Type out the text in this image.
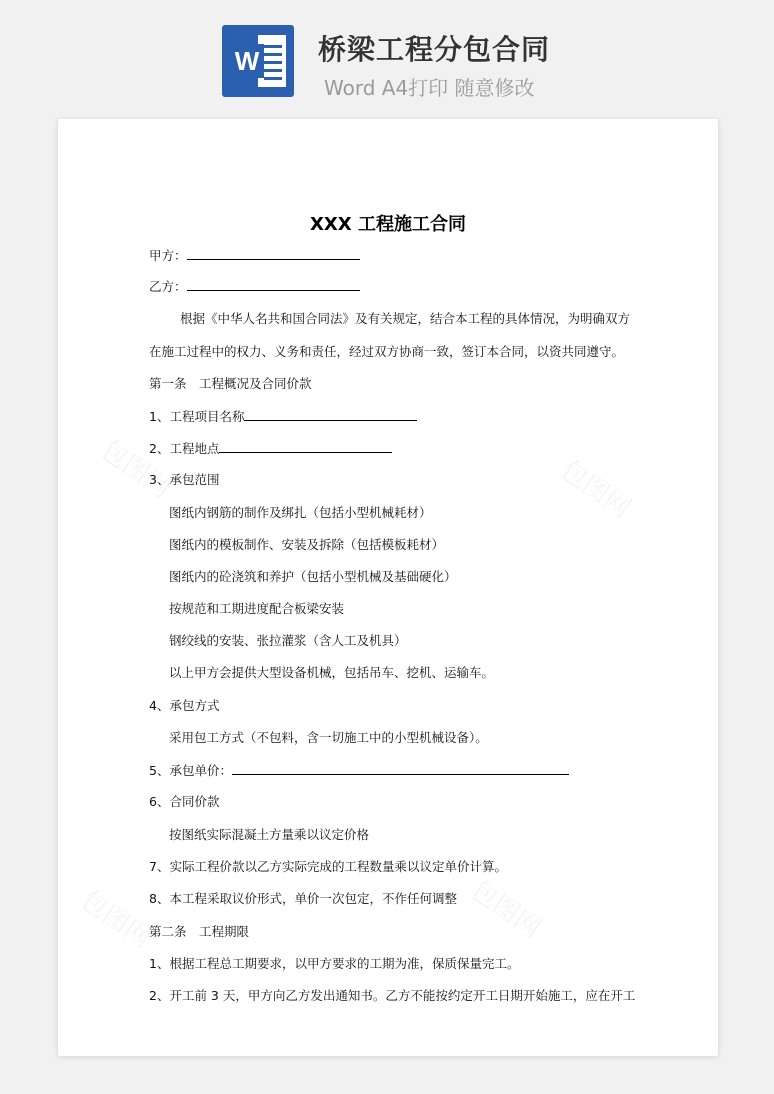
W 桥梁工程分包合同
Word A4打印 随意修改
XXX 工程施工合同
甲方：
乙方：
根据《中华人名共和国合同法》及有关规定，结合本工程的具体情况，为明确双方
在施工过程中的权力、义务和责任，经过双方协商一致，签订本合同，以资共同遵守。
第一条　工程概况及合同价款
1、工程项目名称
2、工程地点
3、承包范围
图纸内钢筋的制作及绑扎（包括小型机械耗材）
图纸内的模板制作、安装及拆除（包括模板耗材）
图纸内的砼浇筑和养护（包括小型机械及基础硬化）
按规范和工期进度配合板梁安装
钢绞线的安装、张拉灌浆（含人工及机具）
以上甲方会提供大型设备机械，包括吊车、挖机、运输车。
4、承包方式
采用包工方式（不包料，含一切施工中的小型机械设备）。
5、承包单价：
6、合同价款
按图纸实际混凝土方量乘以议定价格
7、实际工程价款以乙方实际完成的工程数量乘以议定单价计算。
8、本工程采取议价形式，单价一次包定，不作任何调整
第二条　工程期限
1、根据工程总工期要求，以甲方要求的工期为准，保质保量完工。
2、开工前 3 天，甲方向乙方发出通知书。乙方不能按约定开工日期开始施工，应在开工
